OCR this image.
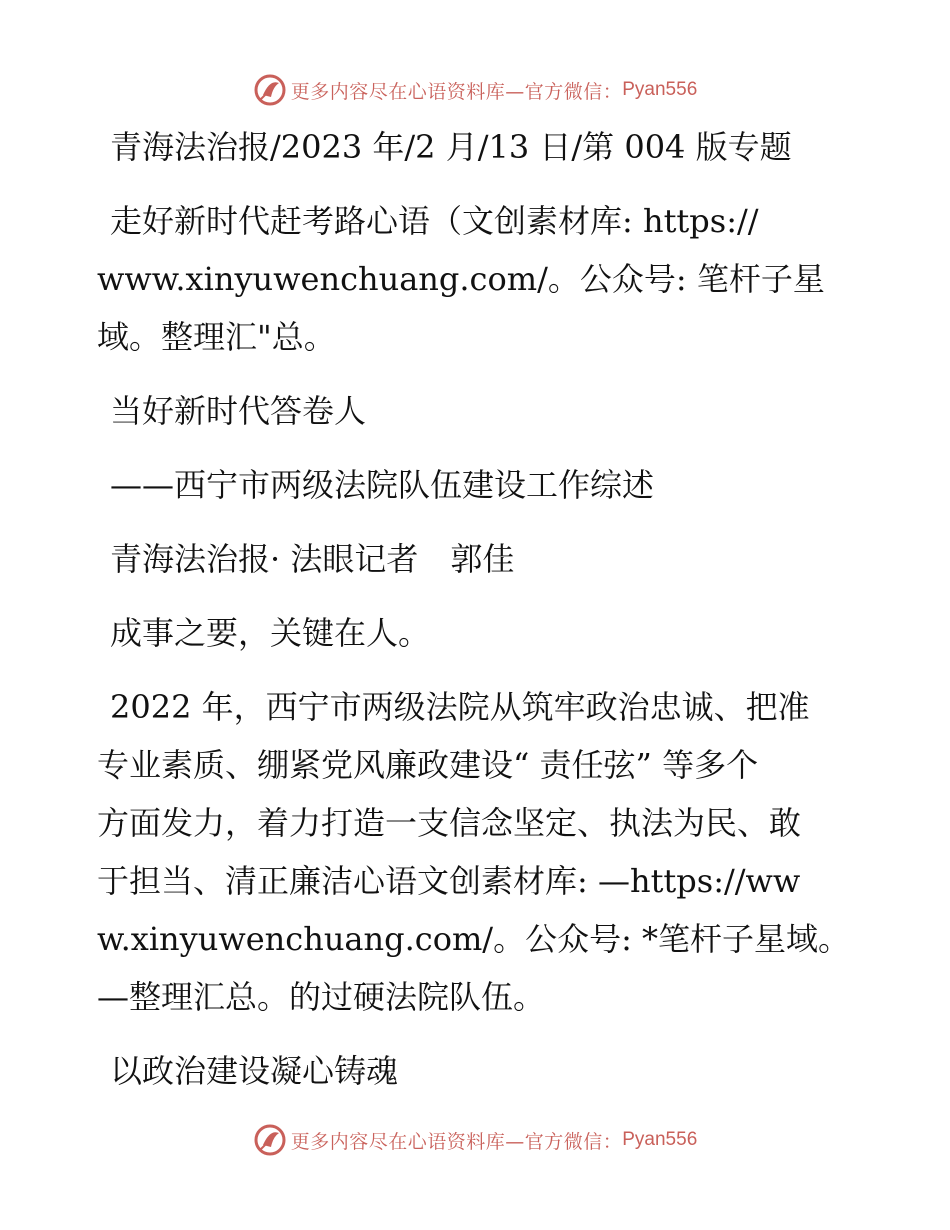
更多内容尽在心语资料库—官方微信： Pyan556

青海法治报/2023 年/2 月/13 日/第 004 版专题

走好新时代赶考路心语（文创素材库: https://

www.xinyuwenchuang.com/。公众号: 笔杆子星

域。整理汇"总。

当好新时代答卷人

——西宁市两级法院队伍建设工作综述

青海法治报· 法眼记者　郭佳

成事之要，关键在人。

2022 年，西宁市两级法院从筑牢政治忠诚、把准

专业素质、绷紧党风廉政建设“ 责任弦” 等多个

方面发力，着力打造一支信念坚定、执法为民、敢

于担当、清正廉洁心语文创素材库: —https://ww

w.xinyuwenchuang.com/。公众号: *笔杆子星域。

—整理汇总。的过硬法院队伍。

以政治建设凝心铸魂

更多内容尽在心语资料库—官方微信： Pyan556
